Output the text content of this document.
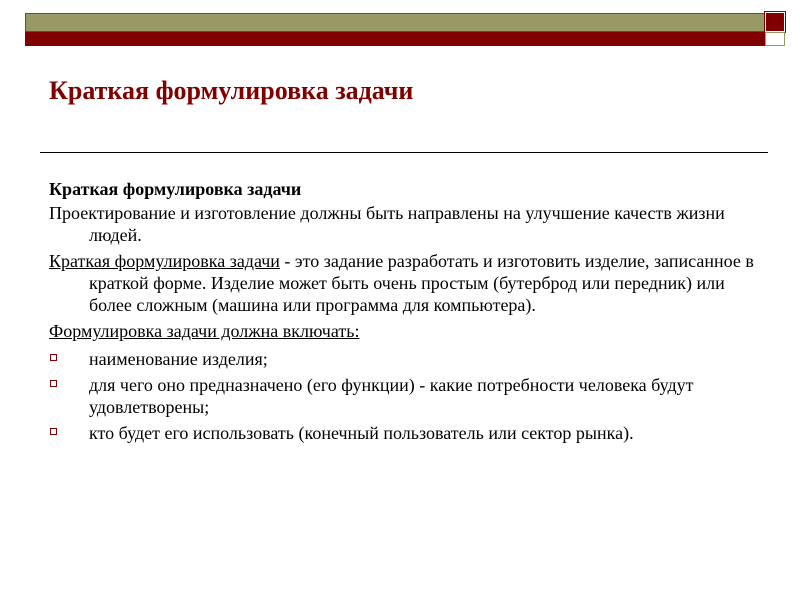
Краткая формулировка задачи

Краткая формулировка задачи

Проектирование и изготовление должны быть направлены на улучшение качеств жизни людей.

Краткая формулировка задачи - это задание разработать и изготовить изделие, записанное в краткой форме. Изделие может быть очень простым (бутерброд или передник) или более сложным (машина или программа для компьютера).

Формулировка задачи должна включать:

наименование изделия;
для чего оно предназначено (его функции) - какие потребности человека будут удовлетворены;
кто будет его использовать (конечный пользователь или сектор рынка).
